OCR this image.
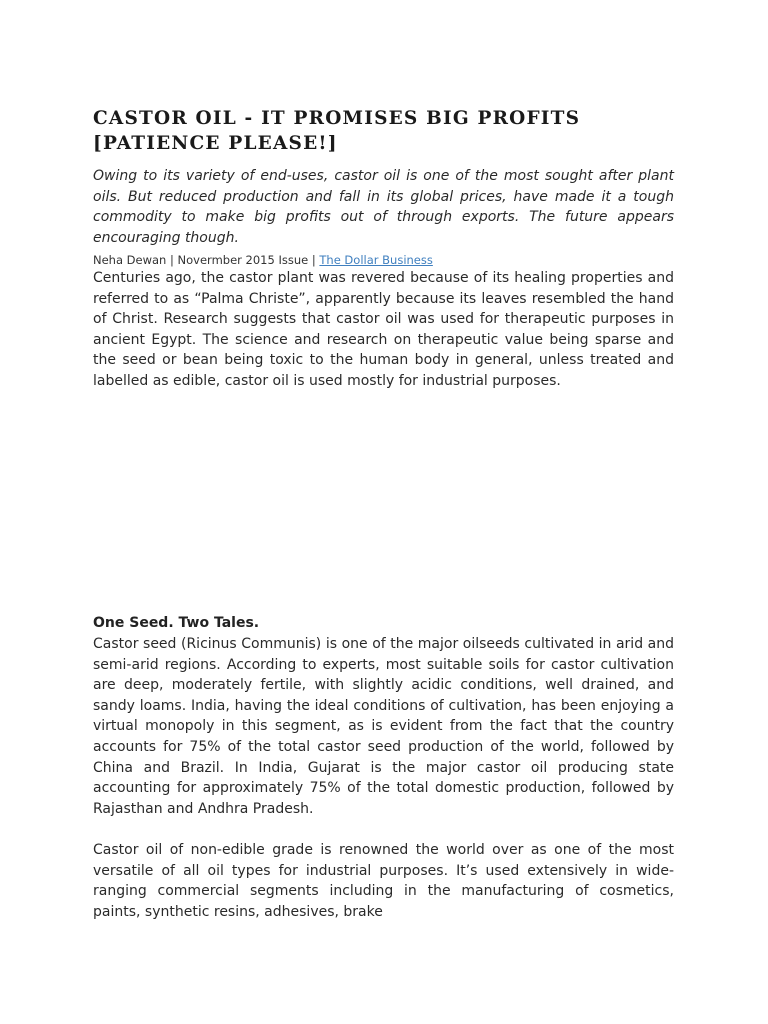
CASTOR OIL - IT PROMISES BIG PROFITS [PATIENCE PLEASE!]

Owing to its variety of end-uses, castor oil is one of the most sought after plant oils. But reduced production and fall in its global prices, have made it a tough commodity to make big profits out of through exports. The future appears encouraging though.

Neha Dewan | Novermber 2015 Issue | The Dollar Business

Centuries ago, the castor plant was revered because of its healing properties and referred to as “Palma Christe”, apparently because its leaves resembled the hand of Christ. Research suggests that castor oil was used for therapeutic purposes in ancient Egypt. The science and research on therapeutic value being sparse and the seed or bean being toxic to the human body in general, unless treated and labelled as edible, castor oil is used mostly for industrial purposes.

One Seed. Two Tales.

Castor seed (Ricinus Communis) is one of the major oilseeds cultivated in arid and semi-arid regions. According to experts, most suitable soils for castor cultivation are deep, moderately fertile, with slightly acidic conditions, well drained, and sandy loams. India, having the ideal conditions of cultivation, has been enjoying a virtual monopoly in this segment, as is evident from the fact that the country accounts for 75% of the total castor seed production of the world, followed by China and Brazil. In India, Gujarat is the major castor oil producing state accounting for approximately 75% of the total domestic production, followed by Rajasthan and Andhra Pradesh.

Castor oil of non-edible grade is renowned the world over as one of the most versatile of all oil types for industrial purposes. It’s used extensively in wide-ranging commercial segments including in the manufacturing of cosmetics, paints, synthetic resins, adhesives, brake
